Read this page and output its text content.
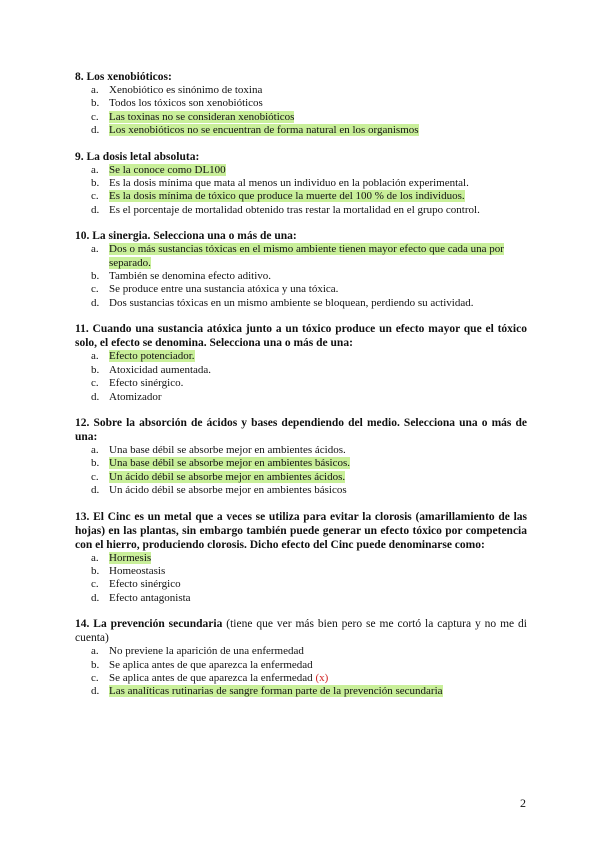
8. Los xenobióticos:
a. Xenobiótico es sinónimo de toxina
b. Todos los tóxicos son xenobióticos
c. Las toxinas no se consideran xenobióticos
d. Los xenobióticos no se encuentran de forma natural en los organismos
9. La dosis letal absoluta:
a. Se la conoce como DL100
b. Es la dosis mínima que mata al menos un individuo en la población experimental.
c. Es la dosis mínima de tóxico que produce la muerte del 100 % de los individuos.
d. Es el porcentaje de mortalidad obtenido tras restar la mortalidad en el grupo control.
10. La sinergia. Selecciona una o más de una:
a. Dos o más sustancias tóxicas en el mismo ambiente tienen mayor efecto que cada una por separado.
b. También se denomina efecto aditivo.
c. Se produce entre una sustancia atóxica y una tóxica.
d. Dos sustancias tóxicas en un mismo ambiente se bloquean, perdiendo su actividad.
11. Cuando una sustancia atóxica junto a un tóxico produce un efecto mayor que el tóxico solo, el efecto se denomina. Selecciona una o más de una:
a. Efecto potenciador.
b. Atoxicidad aumentada.
c. Efecto sinérgico.
d. Atomizador
12. Sobre la absorción de ácidos y bases dependiendo del medio. Selecciona una o más de una:
a. Una base débil se absorbe mejor en ambientes ácidos.
b. Una base débil se absorbe mejor en ambientes básicos.
c. Un ácido débil se absorbe mejor en ambientes ácidos.
d. Un ácido débil se absorbe mejor en ambientes básicos
13. El Cinc es un metal que a veces se utiliza para evitar la clorosis (amarillamiento de las hojas) en las plantas, sin embargo también puede generar un efecto tóxico por competencia con el hierro, produciendo clorosis. Dicho efecto del Cinc puede denominarse como:
a. Hormesis
b. Homeostasis
c. Efecto sinérgico
d. Efecto antagonista
14. La prevención secundaria (tiene que ver más bien pero se me cortó la captura y no me di cuenta)
a. No previene la aparición de una enfermedad
b. Se aplica antes de que aparezca la enfermedad
c. Se aplica antes de que aparezca la enfermedad (x)
d. Las analíticas rutinarias de sangre forman parte de la prevención secundaria
2
